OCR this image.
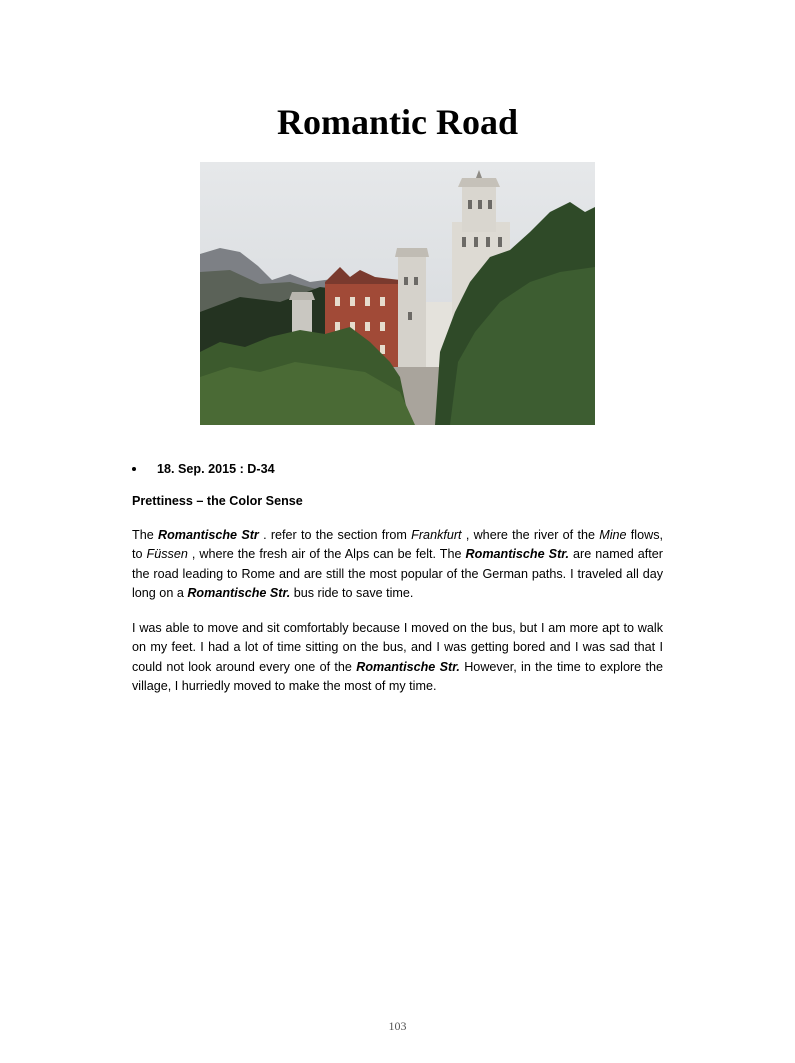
Romantic Road
18. Sep. 2015 : D-34
Prettiness – the Color Sense

The Romantische Str . refer to the section from Frankfurt , where the river of the Mine flows, to Füssen , where the fresh air of the Alps can be felt. The Romantische Str. are named after the road leading to Rome and are still the most popular of the German paths. I traveled all day long on a Romantische Str. bus ride to save time.

I was able to move and sit comfortably because I moved on the bus, but I am more apt to walk on my feet. I had a lot of time sitting on the bus, and I was getting bored and I was sad that I could not look around every one of the Romantische Str. However, in the time to explore the village, I hurriedly moved to make the most of my time.

103
